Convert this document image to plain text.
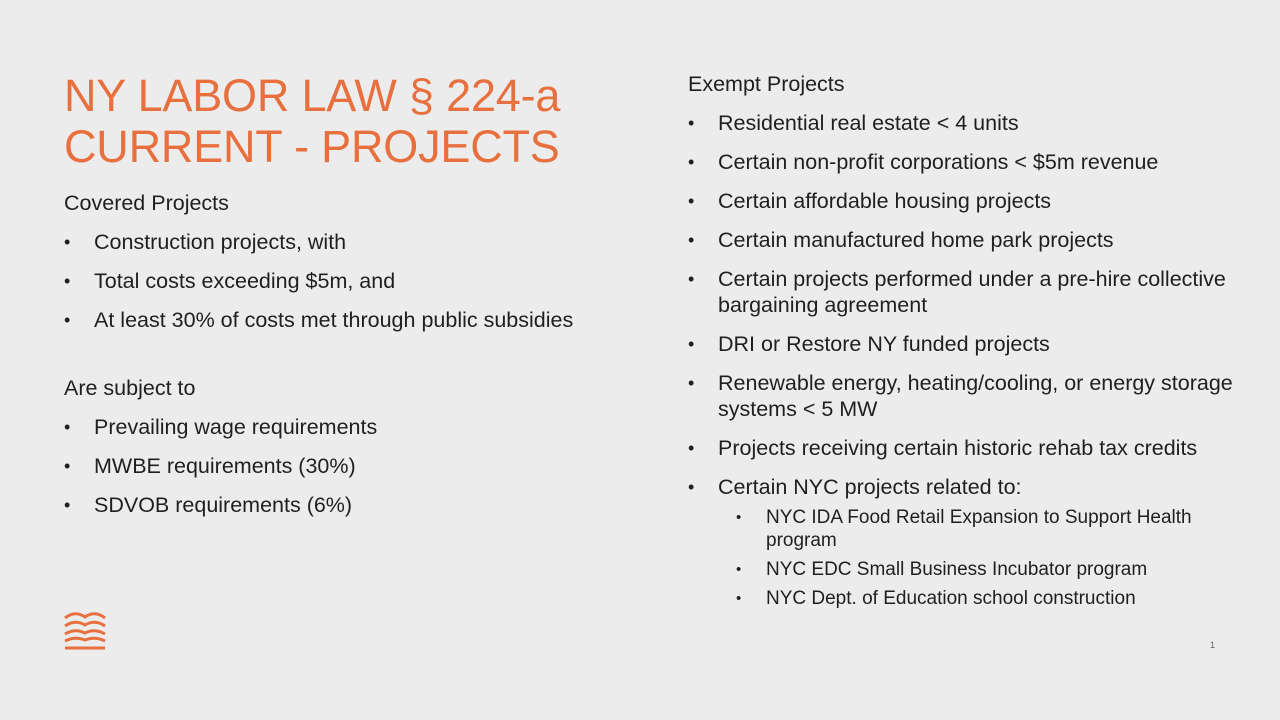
NY LABOR LAW § 224-a
CURRENT - PROJECTS

Covered Projects

• Construction projects, with
• Total costs exceeding $5m, and
• At least 30% of costs met through public subsidies

Are subject to

• Prevailing wage requirements
• MWBE requirements (30%)
• SDVOB requirements (6%)

Exempt Projects

• Residential real estate < 4 units
• Certain non-profit corporations < $5m revenue
• Certain affordable housing projects
• Certain manufactured home park projects
• Certain projects performed under a pre-hire collective bargaining agreement
• DRI or Restore NY funded projects
• Renewable energy, heating/cooling, or energy storage systems < 5 MW
• Projects receiving certain historic rehab tax credits
• Certain NYC projects related to:
• NYC IDA Food Retail Expansion to Support Health program
• NYC EDC Small Business Incubator program
• NYC Dept. of Education school construction
1
